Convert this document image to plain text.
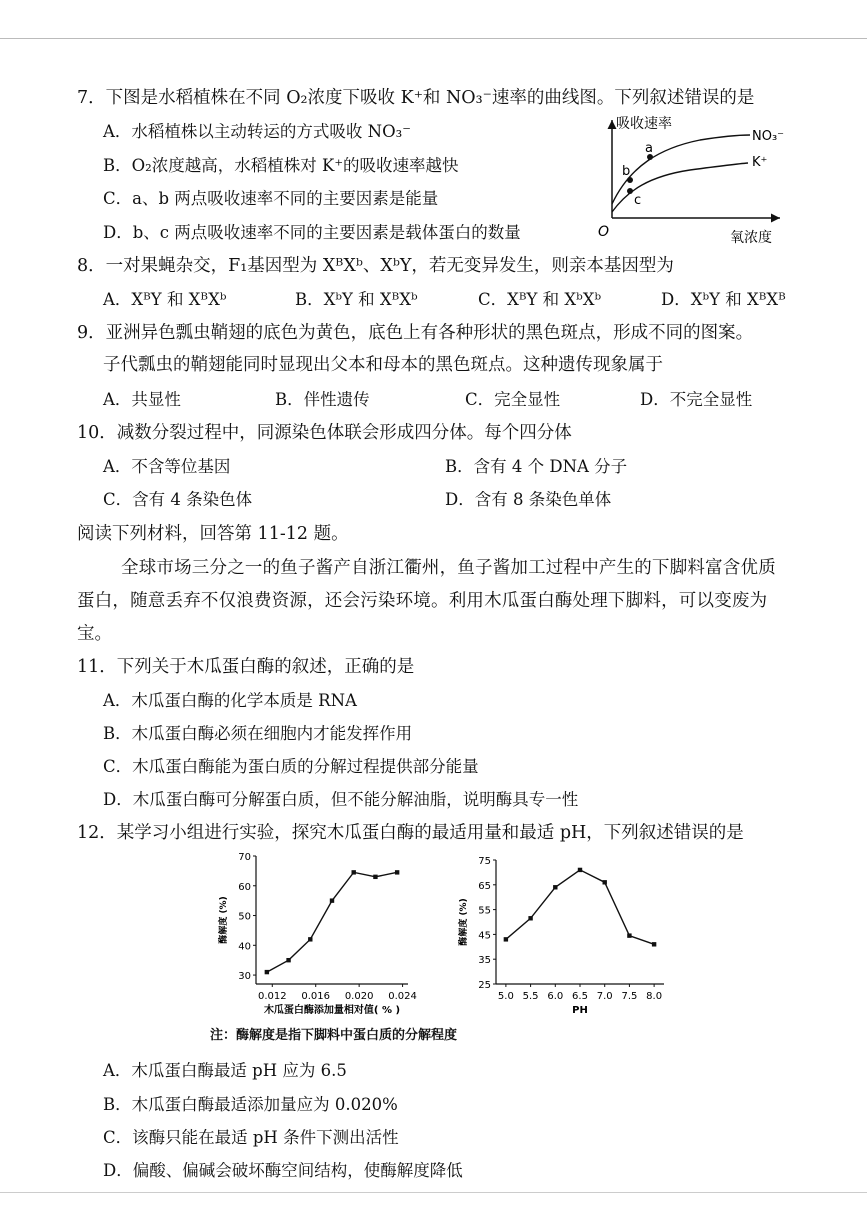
7．下图是水稻植株在不同 O₂浓度下吸收 K⁺和 NO₃⁻速率的曲线图。下列叙述错误的是
A．水稻植株以主动转运的方式吸收 NO₃⁻
B．O₂浓度越高，水稻植株对 K⁺的吸收速率越快
C．a、b 两点吸收速率不同的主要因素是能量
D．b、c 两点吸收速率不同的主要因素是载体蛋白的数量
吸收速率
氧浓度
O
NO₃⁻
K⁺
a
b
c
8．一对果蝇杂交，F₁基因型为 XᴮXᵇ、XᵇY，若无变异发生，则亲本基因型为
A．XᴮY 和 XᴮXᵇ	B．XᵇY 和 XᴮXᵇ	C．XᴮY 和 XᵇXᵇ	D．XᵇY 和 XᴮXᴮ
9．亚洲异色瓢虫鞘翅的底色为黄色，底色上有各种形状的黑色斑点，形成不同的图案。
子代瓢虫的鞘翅能同时显现出父本和母本的黑色斑点。这种遗传现象属于
A．共显性	B．伴性遗传	C．完全显性	D．不完全显性
10．减数分裂过程中，同源染色体联会形成四分体。每个四分体
A．不含等位基因	B．含有 4 个 DNA 分子
C．含有 4 条染色体	D．含有 8 条染色单体
阅读下列材料，回答第 11-12 题。
全球市场三分之一的鱼子酱产自浙江衢州，鱼子酱加工过程中产生的下脚料富含优质
蛋白，随意丢弃不仅浪费资源，还会污染环境。利用木瓜蛋白酶处理下脚料，可以变废为
宝。
11．下列关于木瓜蛋白酶的叙述，正确的是
A．木瓜蛋白酶的化学本质是 RNA
B．木瓜蛋白酶必须在细胞内才能发挥作用
C．木瓜蛋白酶能为蛋白质的分解过程提供部分能量
D．木瓜蛋白酶可分解蛋白质，但不能分解油脂，说明酶具专一性
12．某学习小组进行实验，探究木瓜蛋白酶的最适用量和最适 pH，下列叙述错误的是
30
40
50
60
70
0.012 0.016 0.020 0.024
木瓜蛋白酶添加量相对值( % )
酶解度 (%)
25
35
45
55
65
75
5.0 5.5 6.0 6.5 7.0 7.5 8.0
PH
酶解度 (%)
注：酶解度是指下脚料中蛋白质的分解程度
A．木瓜蛋白酶最适 pH 应为 6.5
B．木瓜蛋白酶最适添加量应为 0.020%
C．该酶只能在最适 pH 条件下测出活性
D．偏酸、偏碱会破坏酶空间结构，使酶解度降低
